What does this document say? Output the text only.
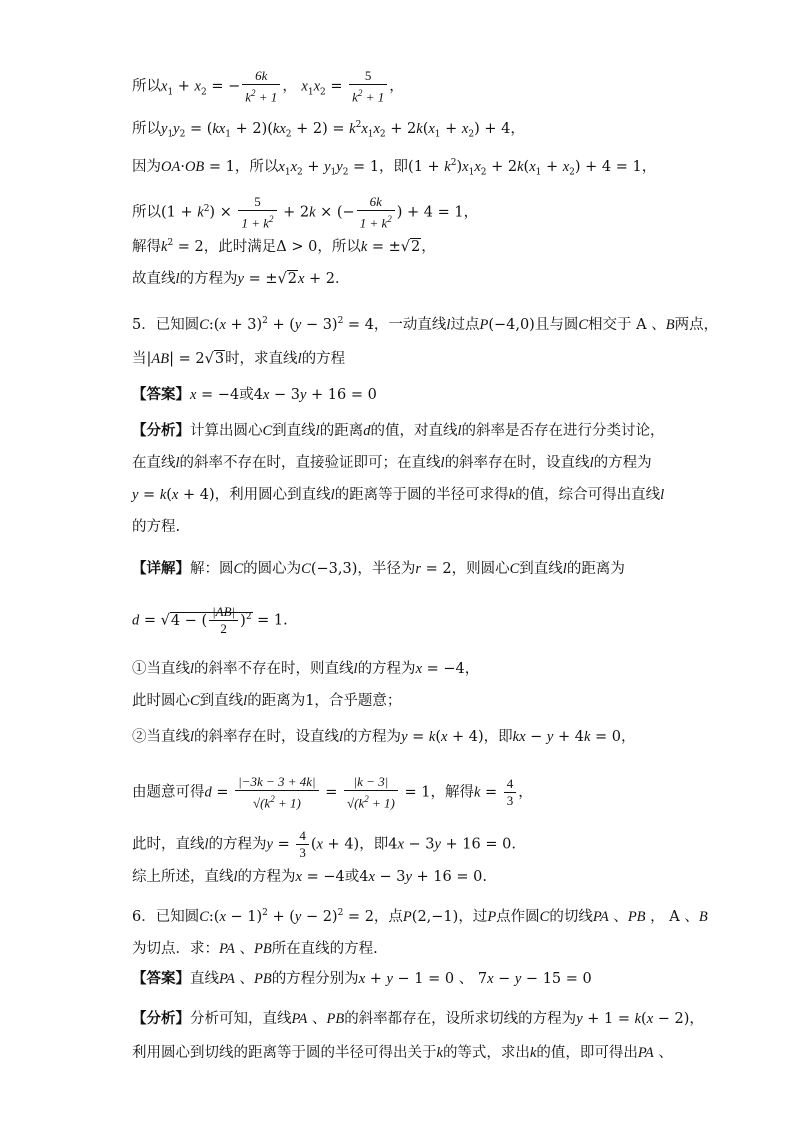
所以$x_1 + x_2$ = − $\frac{6k}{k^2 + 1}$ ， $x_1x_2 = \frac{5}{k^2 + 1}$ ，
所以$y_1y_2 = (kx_1 + 2)(kx_2 + 2) = k^2x_1x_2 + 2k(x_1 + x_2) + 4$，
因为OA·OB = 1，所以$x_1x_2 + y_1y_2 = 1$，即$(1 + k^2)x_1x_2 + 2k(x_1 + x_2) + 4 = 1$，
所以$(1 + k^2) \times \frac{5}{1 + k^2} + 2k$ × (− $\frac{6k}{1 + k^2}$ ) + 4 = 1，
解得$k^2 = 2$，此时满足Δ > 0，所以k = ±√2，
故直线l的方程为y = ±√2x + 2．
5．已知圆C:(x + $3)^2 + (y - 3)^2 = 4$，一动直线l过点P(−4,0)且与圆C相交于 A 、B两点，
当|AB| = 2√3时，求直线l的方程
【答案】x = −4或4x − 3y + 16 = 0
【分析】计算出圆心C到直线l的距离d的值，对直线l的斜率是否存在进行分类讨论，
在直线l的斜率不存在时，直接验证即可；在直线l的斜率存在时，设直线l的方程为
y = k(x + 4)，利用圆心到直线l的距离等于圆的半径可求得k的值，综合可得出直线l
的方程.
【详解】解：圆C的圆心为C(−3,3)，半径为r = 2，则圆心C到直线l的距离为
d = √4 − ( $\frac{|AB|}{2} )^2 = 1$.
①当直线l的斜率不存在时，则直线l的方程为x = −4，
此时圆心C到直线l的距离为1，合乎题意；
②当直线l的斜率存在时，设直线l的方程为y = k(x + 4)，即kx − y + 4k = 0，
由题意可得$d = \frac{|-3k - 3 + 4k|}{√(k^2 + 1)} = \frac{|k - 3|}{√(k^2 + 1)} = 1$，解得$k = \frac{4}{3}$ ，
此时，直线l的方程为$y = \frac{4}{3} (x + 4)$，即4x − 3y + 16 = 0.
综上所述，直线l的方程为x = −4或4x − 3y + 16 = 0.
6．已知圆C:(x − $1)^2 + (y - 2)^2 = 2$，点P(2,−1)，过P点作圆C的切线PA 、PB ， A 、B
为切点．求：PA 、PB所在直线的方程.
【答案】直线PA 、PB的方程分别为x + y − 1 = 0 、 7x − y − 15 = 0
【分析】分析可知，直线PA 、PB的斜率都存在，设所求切线的方程为y + 1 = k(x − 2)，
利用圆心到切线的距离等于圆的半径可得出关于k的等式，求出k的值，即可得出PA 、
